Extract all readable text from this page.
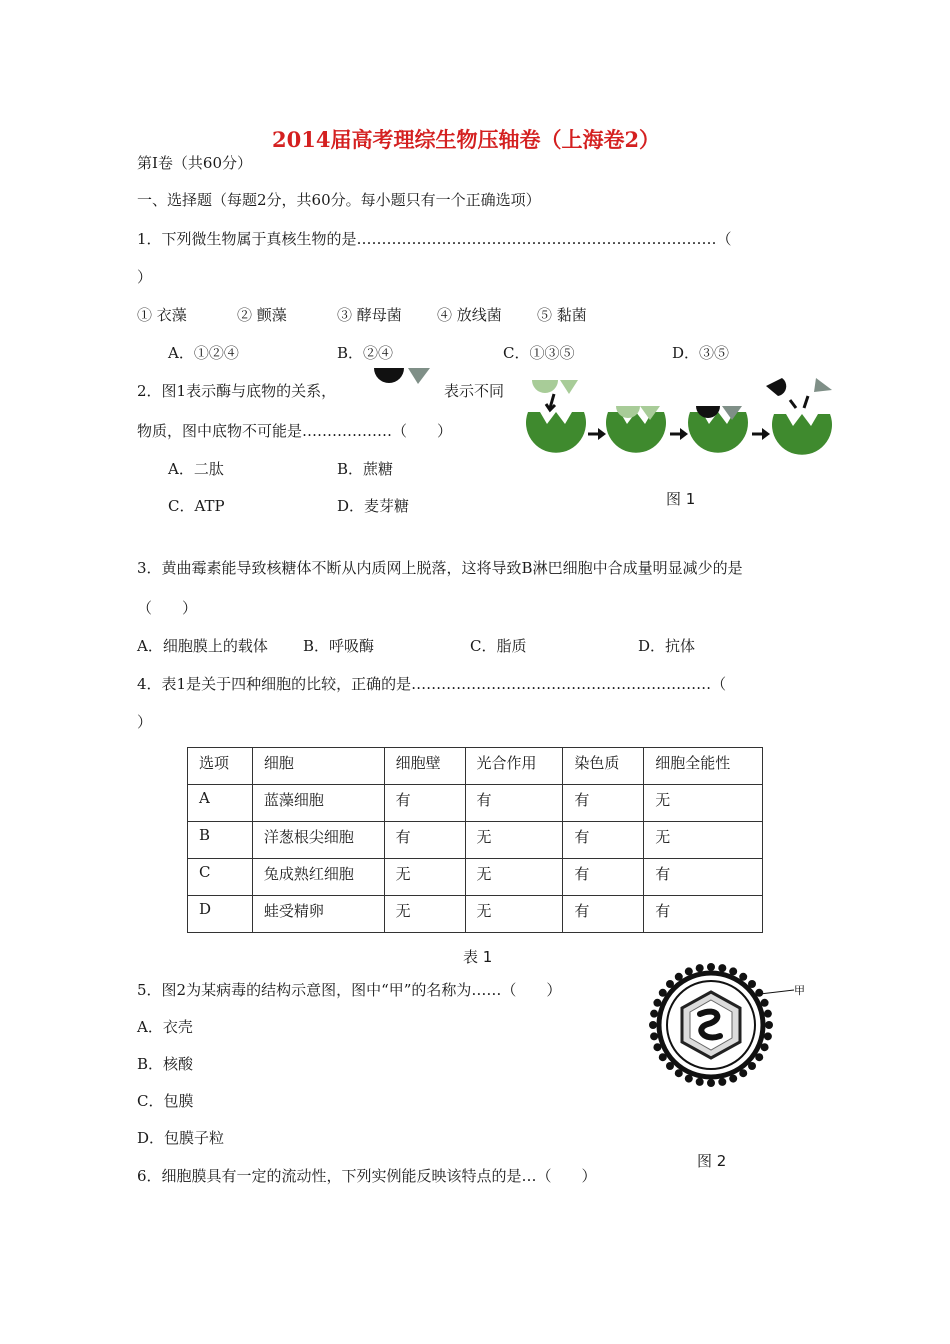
2014届高考理综生物压轴卷（上海卷2）
第Ⅰ卷（共60分）
一、选择题（每题2分，共60分。每小题只有一个正确选项）
1．下列微生物属于真核生物的是………………………………………………………………（
）
① 衣藻	② 颤藻	③ 酵母菌 ④ 放线菌 ⑤ 黏菌
A．①②④	B．②④	C．①③⑤	D．③⑤
2．图1表示酶与底物的关系，	表示不同
物质，图中底物不可能是………………（　　）
A．二肽	B．蔗糖
C．ATP	D．麦芽糖	图 1
3．黄曲霉素能导致核糖体不断从内质网上脱落，这将导致B淋巴细胞中合成量明显减少的是
（　　）
A．细胞膜上的载体 B．呼吸酶	C．脂质	D．抗体
4．表1是关于四种细胞的比较，正确的是……………………………………………………（
）
选项	细胞	细胞壁	光合作用	染色质	细胞全能性
A	蓝藻细胞	有	有	有	无
B	洋葱根尖细胞	有	无	有	无
C	兔成熟红细胞	无	无	有	有
D	蛙受精卵	无	无	有	有
表 1
5．图2为某病毒的结构示意图，图中“甲”的名称为……（　　）
A．衣壳
B．核酸
C．包膜
D．包膜子粒
甲
图 2
6．细胞膜具有一定的流动性，下列实例能反映该特点的是…（　　）
